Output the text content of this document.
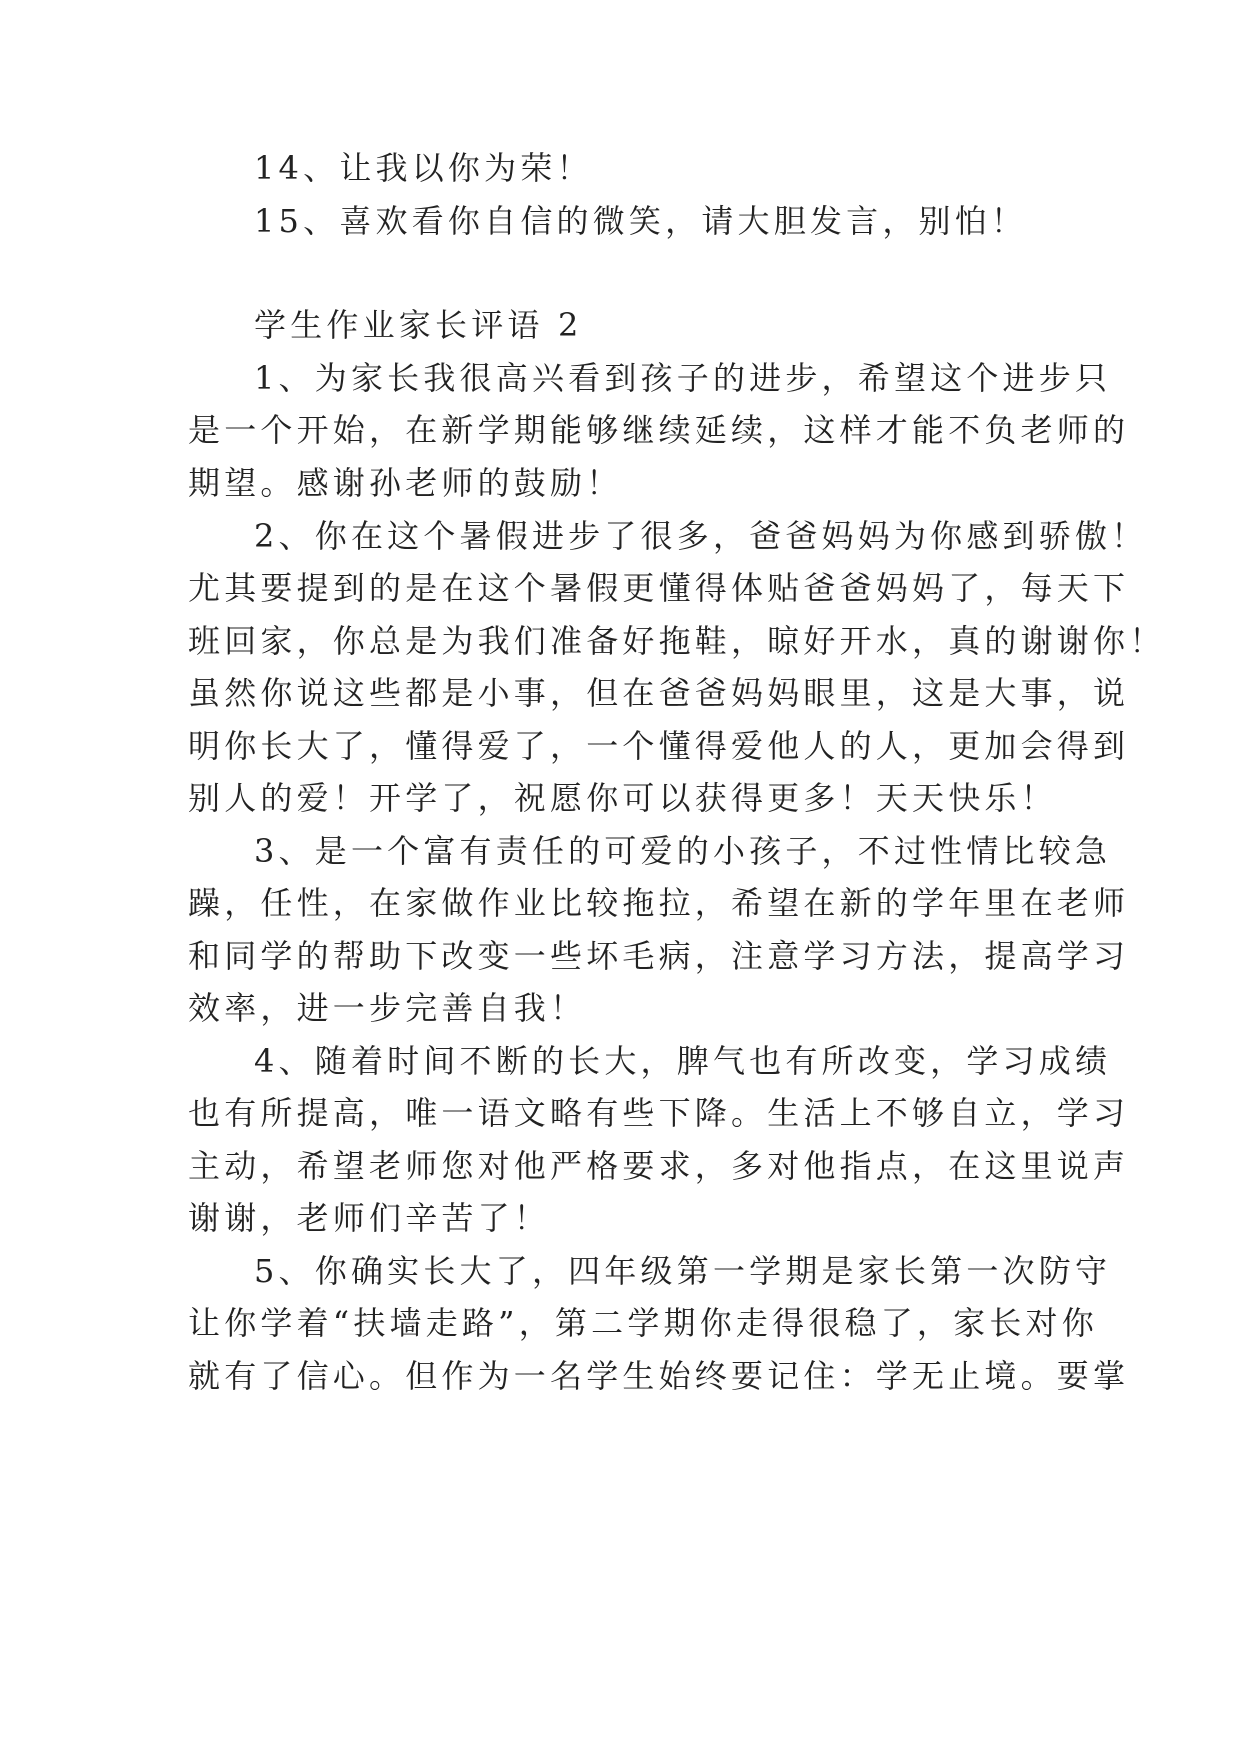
14、让我以你为荣！
15、喜欢看你自信的微笑，请大胆发言，别怕！
学生作业家长评语 2
1、为家长我很高兴看到孩子的进步，希望这个进步只
是一个开始，在新学期能够继续延续，这样才能不负老师的
期望。感谢孙老师的鼓励！
2、你在这个暑假进步了很多，爸爸妈妈为你感到骄傲！
尤其要提到的是在这个暑假更懂得体贴爸爸妈妈了，每天下
班回家，你总是为我们准备好拖鞋，晾好开水，真的谢谢你！
虽然你说这些都是小事，但在爸爸妈妈眼里，这是大事，说
明你长大了，懂得爱了，一个懂得爱他人的人，更加会得到
别人的爱！开学了，祝愿你可以获得更多！天天快乐！
3、是一个富有责任的可爱的小孩子，不过性情比较急
躁，任性，在家做作业比较拖拉，希望在新的学年里在老师
和同学的帮助下改变一些坏毛病，注意学习方法，提高学习
效率，进一步完善自我！
4、随着时间不断的长大，脾气也有所改变，学习成绩
也有所提高，唯一语文略有些下降。生活上不够自立，学习
主动，希望老师您对他严格要求，多对他指点，在这里说声
谢谢，老师们辛苦了！
5、你确实长大了，四年级第一学期是家长第一次防守
让你学着“扶墙走路”，第二学期你走得很稳了，家长对你
就有了信心。但作为一名学生始终要记住：学无止境。要掌
